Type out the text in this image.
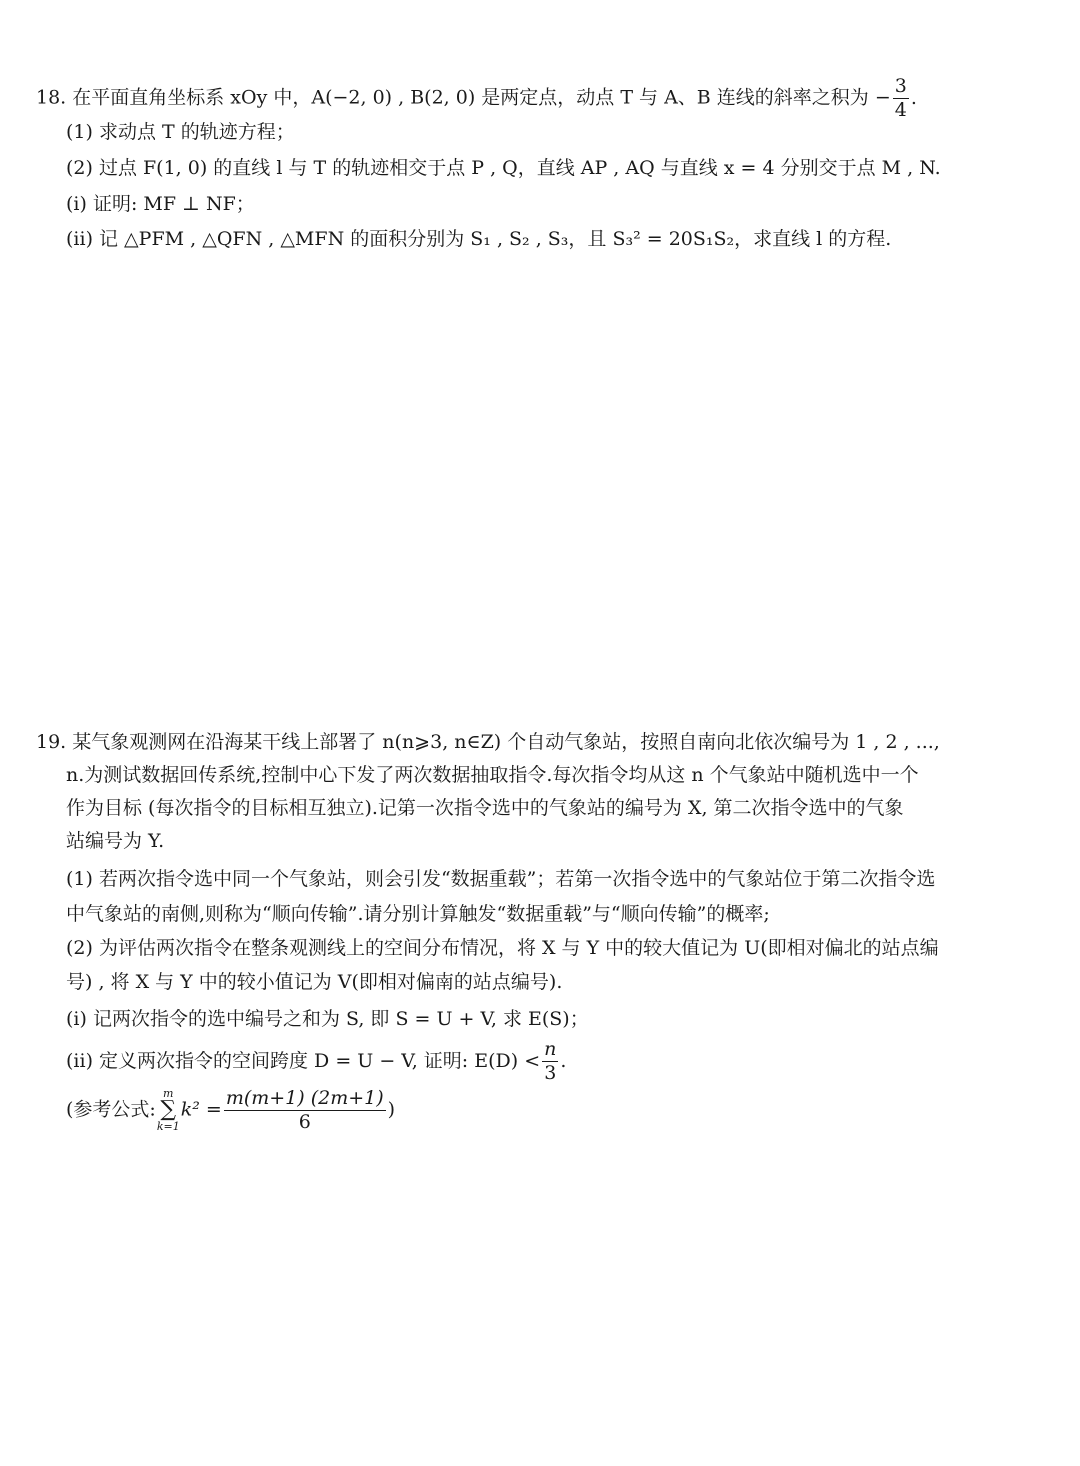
18. 在平面直角坐标系 xOy 中，A(−2, 0) , B(2, 0) 是两定点，动点 T 与 A、B 连线的斜率之积为 − $\frac{3}{4}$ .
(1) 求动点 T 的轨迹方程；
(2) 过点 F(1, 0) 的直线 l 与 T 的轨迹相交于点 P , Q，直线 AP , AQ 与直线 x = 4 分别交于点 M , N.
(i) 证明: MF ⊥ NF；
(ii) 记 △PFM , △QFN , △MFN 的面积分别为 S₁ , S₂ , S₃，且 S₃² = 20S₁S₂，求直线 l 的方程.
19. 某气象观测网在沿海某干线上部署了 n(n⩾3, n∈Z) 个自动气象站，按照自南向北依次编号为 1 , 2 , ...,
n.为测试数据回传系统,控制中心下发了两次数据抽取指令.每次指令均从这 n 个气象站中随机选中一个
作为目标 (每次指令的目标相互独立).记第一次指令选中的气象站的编号为 X, 第二次指令选中的气象
站编号为 Y.
(1) 若两次指令选中同一个气象站，则会引发“数据重载”；若第一次指令选中的气象站位于第二次指令选
中气象站的南侧,则称为“顺向传输”.请分别计算触发“数据重载”与“顺向传输”的概率;
(2) 为评估两次指令在整条观测线上的空间分布情况，将 X 与 Y 中的较大值记为 U(即相对偏北的站点编
号) , 将 X 与 Y 中的较小值记为 V(即相对偏南的站点编号).
(i) 记两次指令的选中编号之和为 S, 即 S = U + V, 求 E(S)；
(ii) 定义两次指令的空间跨度 D = U − V, 证明: $E(D) < \frac{n}{3}$ .
(参考公式:
m
∑
k=1
$k^2 = \frac{m(m+1) (2m+1)}{6}$ )
